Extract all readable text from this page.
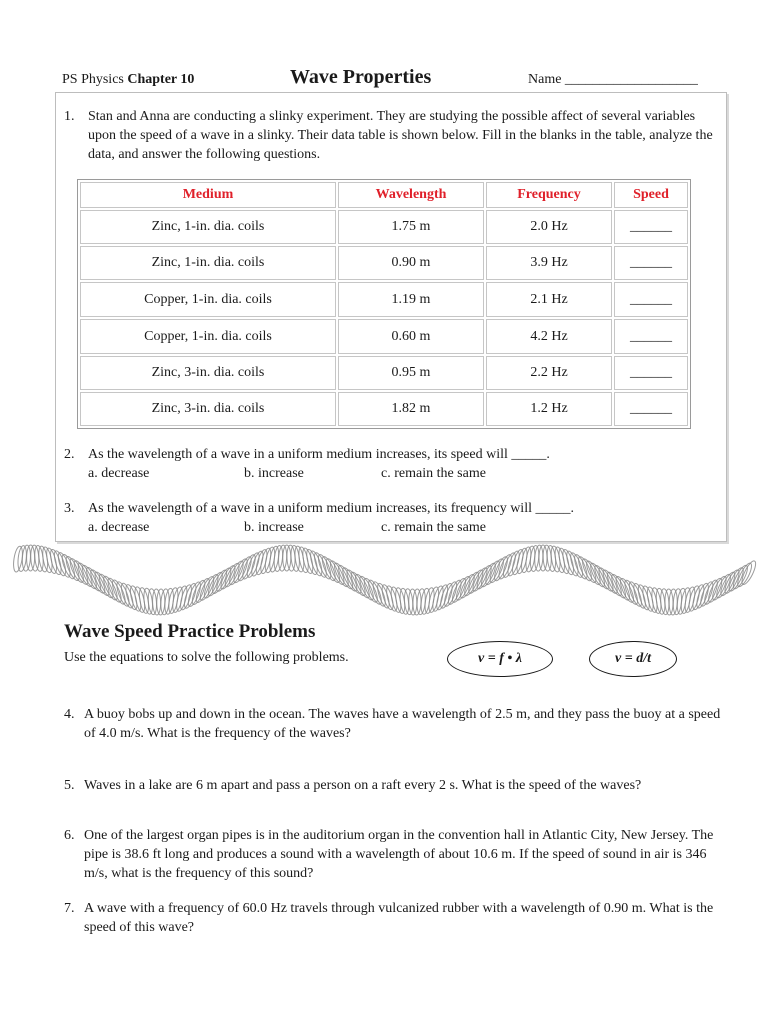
PS Physics Chapter 10	Wave Properties	Name ___________________
1. Stan and Anna are conducting a slinky experiment. They are studying the possible affect of several variables upon the speed of a wave in a slinky. Their data table is shown below. Fill in the blanks in the table, analyze the data, and answer the following questions.
Medium	Wavelength	Frequency	Speed
Zinc, 1-in. dia. coils	1.75 m	2.0 Hz	______
Zinc, 1-in. dia. coils	0.90 m	3.9 Hz	______
Copper, 1-in. dia. coils	1.19 m	2.1 Hz	______
Copper, 1-in. dia. coils	0.60 m	4.2 Hz	______
Zinc, 3-in. dia. coils	0.95 m	2.2 Hz	______
Zinc, 3-in. dia. coils	1.82 m	1.2 Hz	______
2. As the wavelength of a wave in a uniform medium increases, its speed will _____.
a. decrease	b. increase	c. remain the same
3. As the wavelength of a wave in a uniform medium increases, its frequency will _____.
a. decrease	b. increase	c. remain the same
Wave Speed Practice Problems
Use the equations to solve the following problems.	v = f • λ	v = d/t
4. A buoy bobs up and down in the ocean. The waves have a wavelength of 2.5 m, and they pass the buoy at a speed of 4.0 m/s. What is the frequency of the waves?
5. Waves in a lake are 6 m apart and pass a person on a raft every 2 s. What is the speed of the waves?
6. One of the largest organ pipes is in the auditorium organ in the convention hall in Atlantic City, New Jersey. The pipe is 38.6 ft long and produces a sound with a wavelength of about 10.6 m. If the speed of sound in air is 346 m/s, what is the frequency of this sound?
7. A wave with a frequency of 60.0 Hz travels through vulcanized rubber with a wavelength of 0.90 m. What is the speed of this wave?
